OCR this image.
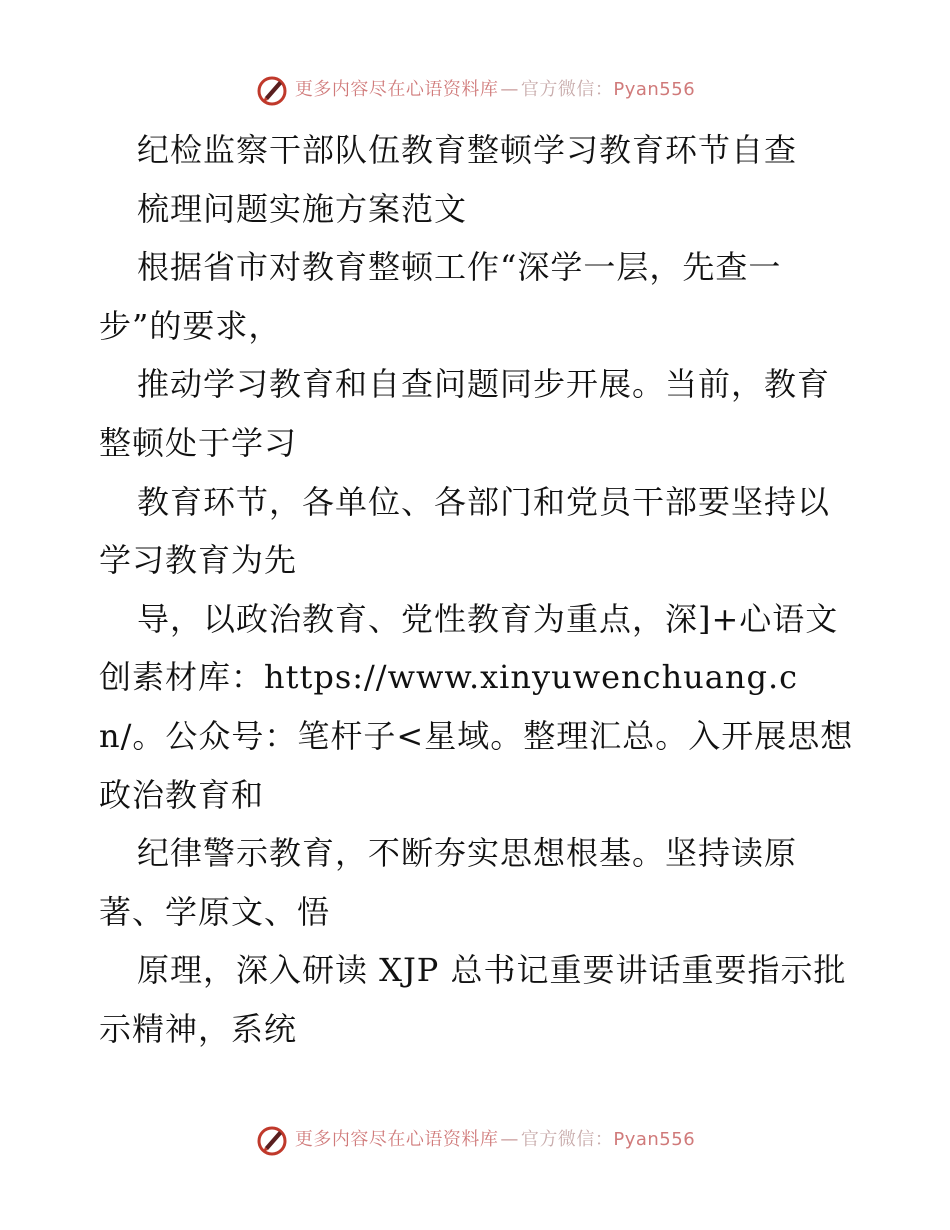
更多内容尽在心语资料库 — 官方微信：Pyan556

纪检监察干部队伍教育整顿学习教育环节自查

梳理问题实施方案范文

根据省市对教育整顿工作“深学一层，先查一步”的要求，

推动学习教育和自查问题同步开展。当前，教育整顿处于学习

教育环节，各单位、各部门和党员干部要坚持以学习教育为先

导，以政治教育、党性教育为重点，深]+心语文创素材库：https://www.xinyuwenchuang.cn/。公众号：笔杆子<星域。整理汇总。入开展思想政治教育和

纪律警示教育，不断夯实思想根基。坚持读原著、学原文、悟

原理，深入研读 XJP 总书记重要讲话重要指示批示精神，系统

更多内容尽在心语资料库 — 官方微信：Pyan556
